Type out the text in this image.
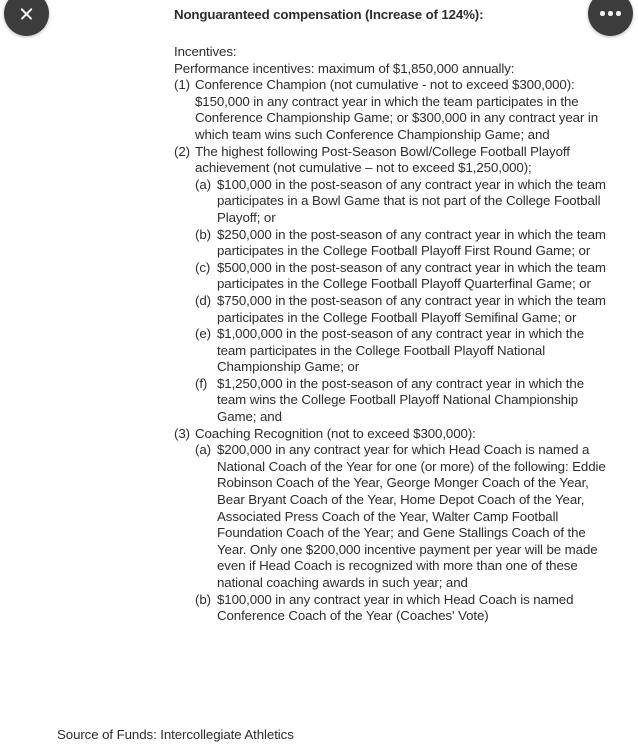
Nonguaranteed compensation (Increase of 124%):
Incentives:
Performance incentives: maximum of $1,850,000 annually:
(1) Conference Champion (not cumulative - not to exceed $300,000): $150,000 in any contract year in which the team participates in the Conference Championship Game; or $300,000 in any contract year in which team wins such Conference Championship Game; and
(2) The highest following Post-Season Bowl/College Football Playoff achievement (not cumulative – not to exceed $1,250,000);
(a) $100,000 in the post-season of any contract year in which the team participates in a Bowl Game that is not part of the College Football Playoff; or
(b) $250,000 in the post-season of any contract year in which the team participates in the College Football Playoff First Round Game; or
(c) $500,000 in the post-season of any contract year in which the team participates in the College Football Playoff Quarterfinal Game; or
(d) $750,000 in the post-season of any contract year in which the team participates in the College Football Playoff Semifinal Game; or
(e) $1,000,000 in the post-season of any contract year in which the team participates in the College Football Playoff National Championship Game; or
(f) $1,250,000 in the post-season of any contract year in which the team wins the College Football Playoff National Championship Game; and
(3) Coaching Recognition (not to exceed $300,000):
(a) $200,000 in any contract year for which Head Coach is named a National Coach of the Year for one (or more) of the following: Eddie Robinson Coach of the Year, George Monger Coach of the Year, Bear Bryant Coach of the Year, Home Depot Coach of the Year, Associated Press Coach of the Year, Walter Camp Football Foundation Coach of the Year; and Gene Stallings Coach of the Year. Only one $200,000 incentive payment per year will be made even if Head Coach is recognized with more than one of these national coaching awards in such year; and
(b) $100,000 in any contract year in which Head Coach is named Conference Coach of the Year (Coaches' Vote)
Source of Funds: Intercollegiate Athletics
